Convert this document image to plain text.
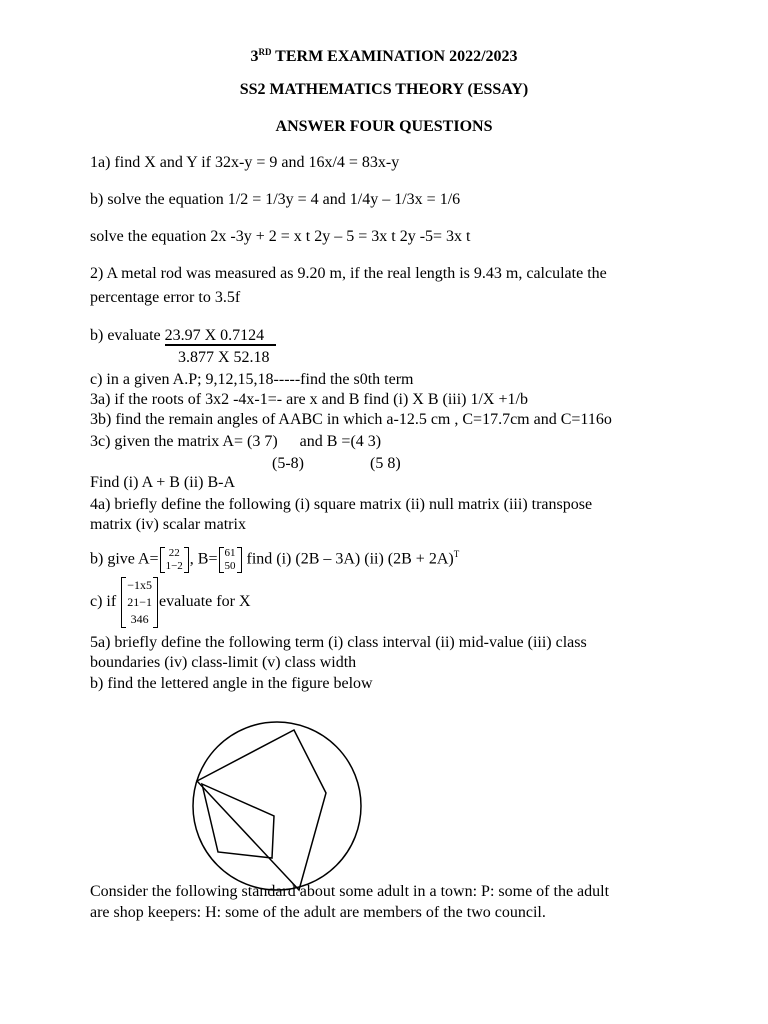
3RD TERM EXAMINATION 2022/2023
SS2 MATHEMATICS THEORY (ESSAY)
ANSWER FOUR QUESTIONS
1a) find X and Y if 32x-y = 9 and 16x/4 = 83x-y
b) solve the equation 1/2 = 1/3y = 4 and 1/4y – 1/3x = 1/6
solve the equation 2x -3y + 2 = x t 2y – 5 = 3x t 2y -5= 3x t
2) A metal rod was measured as 9.20 m, if the real length is 9.43 m, calculate the
percentage error to 3.5f
b) evaluate 23.97 X 0.7124
3.877 X 52.18
c) in a given A.P; 9,12,15,18-----find the s0th term
3a) if the roots of 3x2 -4x-1=- are x and B find (i) X B (iii) 1/X +1/b
3b) find the remain angles of AABC in which a-12.5 cm , C=17.7cm and C=116o
3c) given the matrix A= (3 7) and B =(4 3)
(5-8)	(5 8)
Find (i) A + B (ii) B-A
4a) briefly define the following (i) square matrix (ii) null matrix (iii) transpose
matrix (iv) scalar matrix
b) give A= 22
1−2 , B= 61
50 find (i) (2B – 3A) (ii) $(2B + 2A)^T$
c) if
−1x5
21−1
346
evaluate for X
5a) briefly define the following term (i) class interval (ii) mid-value (iii) class
boundaries (iv) class-limit (v) class width
b) find the lettered angle in the figure below
Consider the following standard about some adult in a town: P: some of the adult
are shop keepers: H: some of the adult are members of the two council.
